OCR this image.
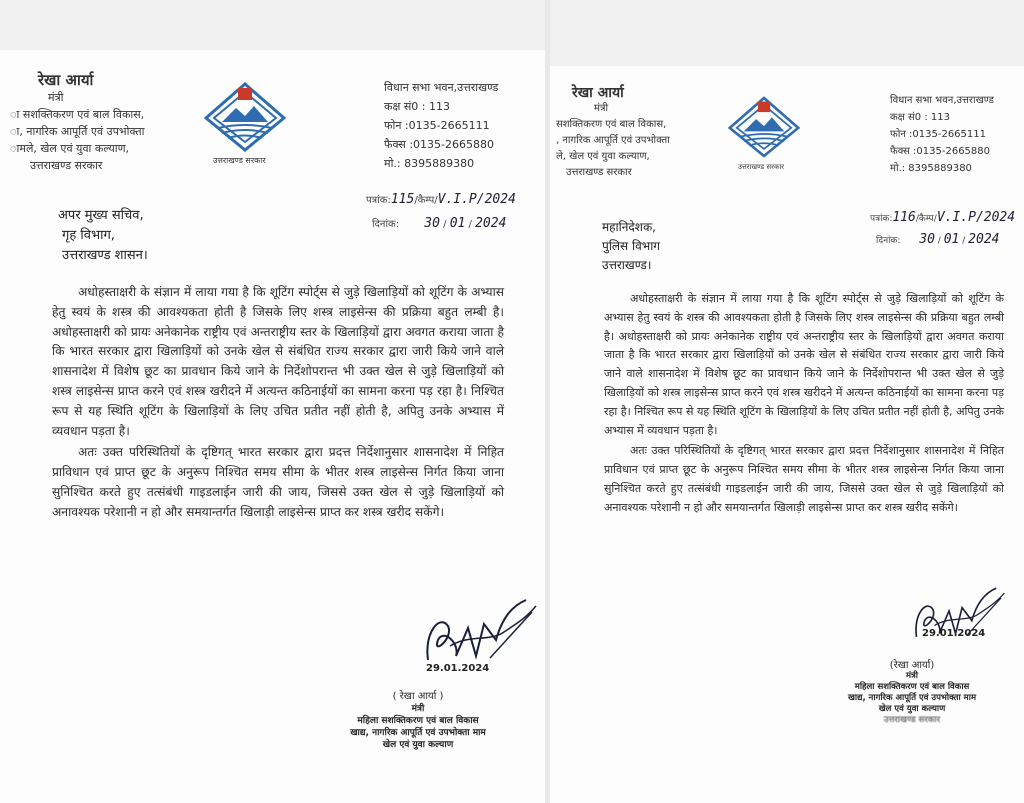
रेखा आर्या
मंत्री
ा सशक्तिकरण एवं बाल विकास,
ा, नागरिक आपूर्ति एवं उपभोक्ता
ामले, खेल एवं युवा कल्याण,
उत्तराखण्ड सरकार	उत्तराखण्ड सरकार
विधान सभा भवन,उत्तराखण्ड
कक्ष सं0 : 113
फोन :0135-2665111
फैक्स :0135-2665880
मो.: 8395889380
पत्रांक:115/कैम्प/V.I.P/2024
दिनांक: 30 / 01 / 2024
अपर मुख्य सचिव,
गृह विभाग,
उत्तराखण्ड शासन।

अधोहस्ताक्षरी के संज्ञान में लाया गया है कि शूटिंग स्पोर्ट्स से जुड़े खिलाड़ियों को शूटिंग के अभ्यास हेतु स्वयं के शस्त्र की आवश्यकता होती है जिसके लिए शस्त्र लाइसेन्स की प्रक्रिया बहुत लम्बी है। अधोहस्ताक्षरी को प्रायः अनेकानेक राष्ट्रीय एवं अन्तराष्ट्रीय स्तर के खिलाड़ियों द्वारा अवगत कराया जाता है कि भारत सरकार द्वारा खिलाड़ियों को उनके खेल से संबंधित राज्य सरकार द्वारा जारी किये जाने वाले शासनादेश में विशेष छूट का प्रावधान किये जाने के निर्देशोपरान्त भी उक्त खेल से जुड़े खिलाड़ियों को शस्त्र लाइसेन्स प्राप्त करने एवं शस्त्र खरीदने में अत्यन्त कठिनाईयों का सामना करना पड़ रहा है। निश्चित रूप से यह स्थिति शूटिंग के खिलाड़ियों के लिए उचित प्रतीत नहीं होती है, अपितु उनके अभ्यास में व्यवधान पड़ता है।

अतः उक्त परिस्थितियों के दृष्टिगत् भारत सरकार द्वारा प्रदत्त निर्देशानुसार शासनादेश में निहित प्राविधान एवं प्राप्त छूट के अनुरूप निश्चित समय सीमा के भीतर शस्त्र लाइसेन्स निर्गत किया जाना सुनिश्चित करते हुए तत्संबंधी गाइडलाईन जारी की जाय, जिससे उक्त खेल से जुड़े खिलाड़ियों को अनावश्यक परेशानी न हो और समयान्तर्गत खिलाड़ी लाइसेन्स प्राप्त कर शस्त्र खरीद सकेंगे।

29.01.2024
( रेखा आर्या )
मंत्री
महिला सशक्तिकरण एवं बाल विकास
खाद्य, नागरिक आपूर्ति एवं उपभोक्ता माम
खेल एवं युवा कल्याण
रेखा आर्या
मंत्री
सशक्तिकरण एवं बाल विकास,
, नागरिक आपूर्ति एवं उपभोक्ता
ले, खेल एवं युवा कल्याण,
उत्तराखण्ड सरकार	उत्तराखण्ड सरकार
विधान सभा भवन,उत्तराखण्ड
कक्ष सं0 : 113
फोन :0135-2665111
फैक्स :0135-2665880
मो.: 8395889380
पत्रांक:116/कैम्प/V.I.P/2024
दिनांक: 30 / 01 / 2024
महानिदेशक,
पुलिस विभाग
उत्तराखण्ड।

अधोहस्ताक्षरी के संज्ञान में लाया गया है कि शूटिंग स्पोर्ट्स से जुड़े खिलाड़ियों को शूटिंग के अभ्यास हेतु स्वयं के शस्त्र की आवश्यकता होती है जिसके लिए शस्त्र लाइसेन्स की प्रक्रिया बहुत लम्बी है। अधोहस्ताक्षरी को प्रायः अनेकानेक राष्ट्रीय एवं अन्तराष्ट्रीय स्तर के खिलाड़ियों द्वारा अवगत कराया जाता है कि भारत सरकार द्वारा खिलाड़ियों को उनके खेल से संबंधित राज्य सरकार द्वारा जारी किये जाने वाले शासनादेश में विशेष छूट का प्रावधान किये जाने के निर्देशोपरान्त भी उक्त खेल से जुड़े खिलाड़ियों को शस्त्र लाइसेन्स प्राप्त करने एवं शस्त्र खरीदने में अत्यन्त कठिनाईयों का सामना करना पड़ रहा है। निश्चित रूप से यह स्थिति शूटिंग के खिलाड़ियों के लिए उचित प्रतीत नहीं होती है, अपितु उनके अभ्यास में व्यवधान पड़ता है।

अतः उक्त परिस्थितियों के दृष्टिगत् भारत सरकार द्वारा प्रदत्त निर्देशानुसार शासनादेश में निहित प्राविधान एवं प्राप्त छूट के अनुरूप निश्चित समय सीमा के भीतर शस्त्र लाइसेन्स निर्गत किया जाना सुनिश्चित करते हुए तत्संबंधी गाइडलाईन जारी की जाय, जिससे उक्त खेल से जुड़े खिलाड़ियों को अनावश्यक परेशानी न हो और समयान्तर्गत खिलाड़ी लाइसेन्स प्राप्त कर शस्त्र खरीद सकेंगे।

29.01.2024
(रेखा आर्या)
मंत्री
महिला सशक्तिकरण एवं बाल विकास
खाद्य, नागरिक आपूर्ति एवं उपभोक्ता माम
खेल एवं युवा कल्याण
उत्तराखण्ड सरकार
